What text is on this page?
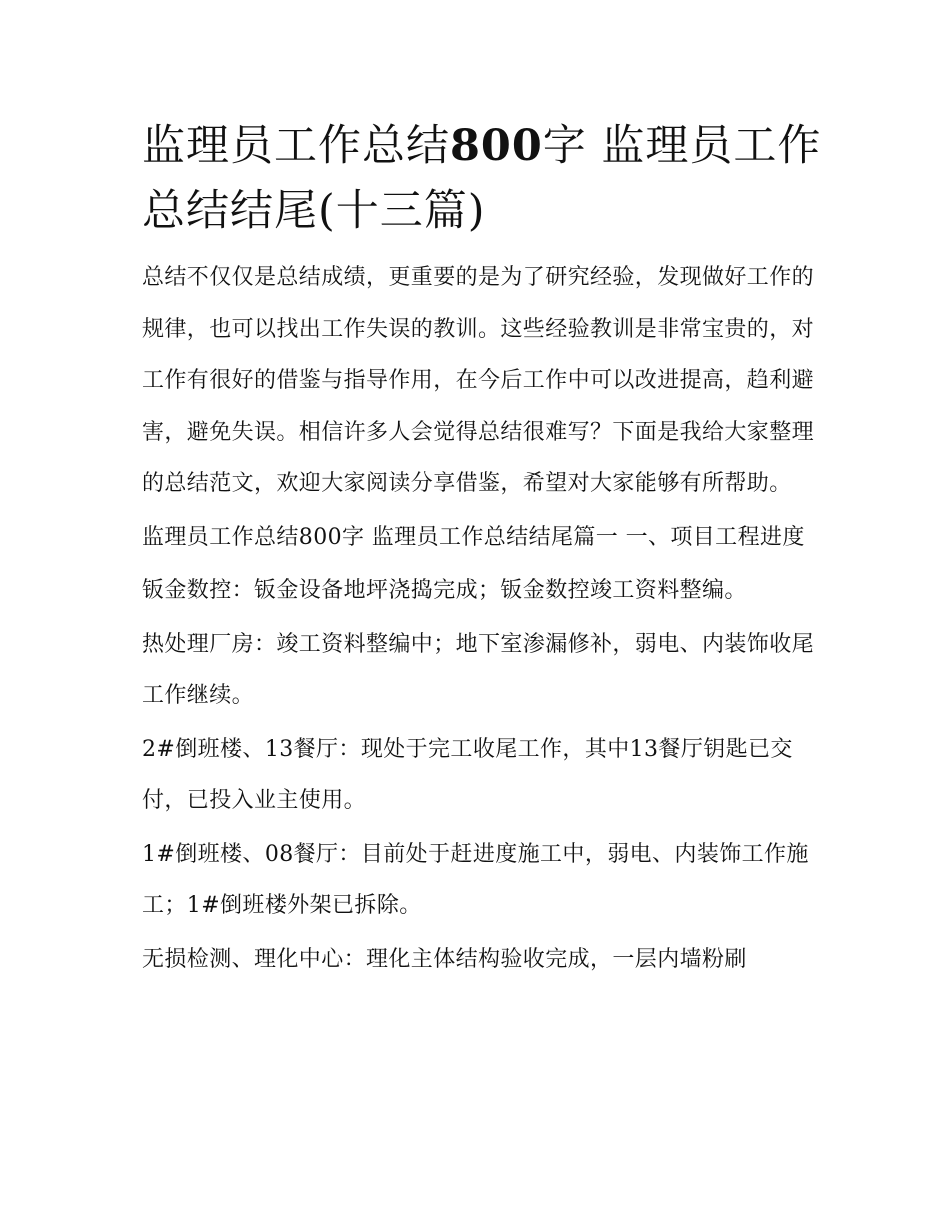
监理员工作总结800字 监理员工作总结结尾(十三篇)

总结不仅仅是总结成绩，更重要的是为了研究经验，发现做好工作的规律，也可以找出工作失误的教训。这些经验教训是非常宝贵的，对工作有很好的借鉴与指导作用，在今后工作中可以改进提高，趋利避害，避免失误。相信许多人会觉得总结很难写？下面是我给大家整理的总结范文，欢迎大家阅读分享借鉴，希望对大家能够有所帮助。

监理员工作总结800字 监理员工作总结结尾篇一 一、项目工程进度

钣金数控：钣金设备地坪浇捣完成；钣金数控竣工资料整编。

热处理厂房：竣工资料整编中；地下室渗漏修补，弱电、内装饰收尾工作继续。

2#倒班楼、13餐厅：现处于完工收尾工作，其中13餐厅钥匙已交付，已投入业主使用。

1#倒班楼、08餐厅：目前处于赶进度施工中，弱电、内装饰工作施工；1#倒班楼外架已拆除。

无损检测、理化中心：理化主体结构验收完成，一层内墙粉刷
